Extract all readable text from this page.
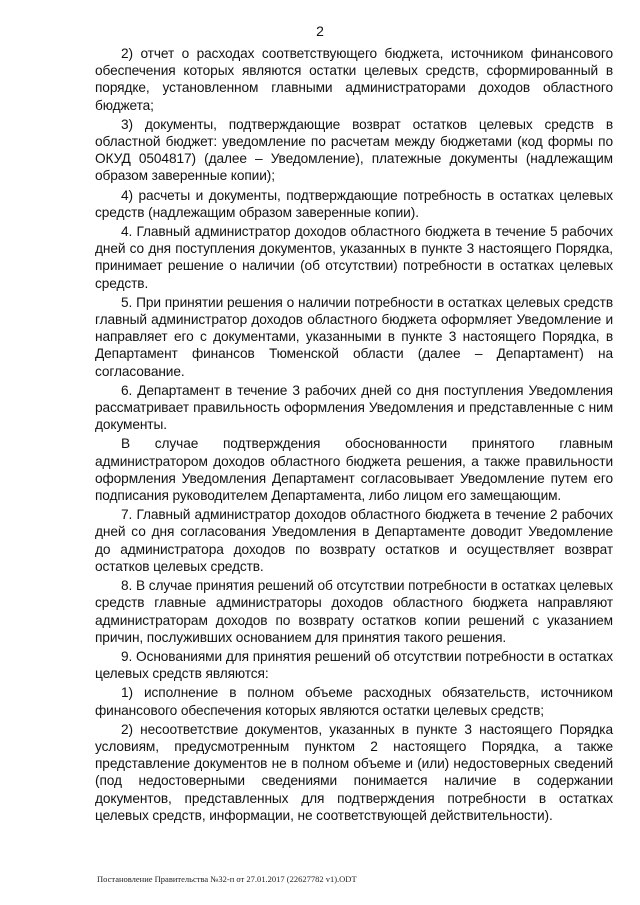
2

2) отчет о расходах соответствующего бюджета, источником финансового обеспечения которых являются остатки целевых средств, сформированный в порядке, установленном главными администраторами доходов областного бюджета;

3) документы, подтверждающие возврат остатков целевых средств в областной бюджет: уведомление по расчетам между бюджетами (код формы по ОКУД 0504817) (далее – Уведомление), платежные документы (надлежащим образом заверенные копии);

4) расчеты и документы, подтверждающие потребность в остатках целевых средств (надлежащим образом заверенные копии).

4. Главный администратор доходов областного бюджета в течение 5 рабочих дней со дня поступления документов, указанных в пункте 3 настоящего Порядка, принимает решение о наличии (об отсутствии) потребности в остатках целевых средств.

5. При принятии решения о наличии потребности в остатках целевых средств главный администратор доходов областного бюджета оформляет Уведомление и направляет его с документами, указанными в пункте 3 настоящего Порядка, в Департамент финансов Тюменской области (далее – Департамент) на согласование.

6. Департамент в течение 3 рабочих дней со дня поступления Уведомления рассматривает правильность оформления Уведомления и представленные с ним документы.

В случае подтверждения обоснованности принятого главным администратором доходов областного бюджета решения, а также правильности оформления Уведомления Департамент согласовывает Уведомление путем его подписания руководителем Департамента, либо лицом его замещающим.

7. Главный администратор доходов областного бюджета в течение 2 рабочих дней со дня согласования Уведомления в Департаменте доводит Уведомление до администратора доходов по возврату остатков и осуществляет возврат остатков целевых средств.

8. В случае принятия решений об отсутствии потребности в остатках целевых средств главные администраторы доходов областного бюджета направляют администраторам доходов по возврату остатков копии решений с указанием причин, послуживших основанием для принятия такого решения.

9. Основаниями для принятия решений об отсутствии потребности в остатках целевых средств являются:

1) исполнение в полном объеме расходных обязательств, источником финансового обеспечения которых являются остатки целевых средств;

2) несоответствие документов, указанных в пункте 3 настоящего Порядка условиям, предусмотренным пунктом 2 настоящего Порядка, а также представление документов не в полном объеме и (или) недостоверных сведений (под недостоверными сведениями понимается наличие в содержании документов, представленных для подтверждения потребности в остатках целевых средств, информации, не соответствующей действительности).

Постановление Правительства №32-п от 27.01.2017 (22627782 v1).ODT
